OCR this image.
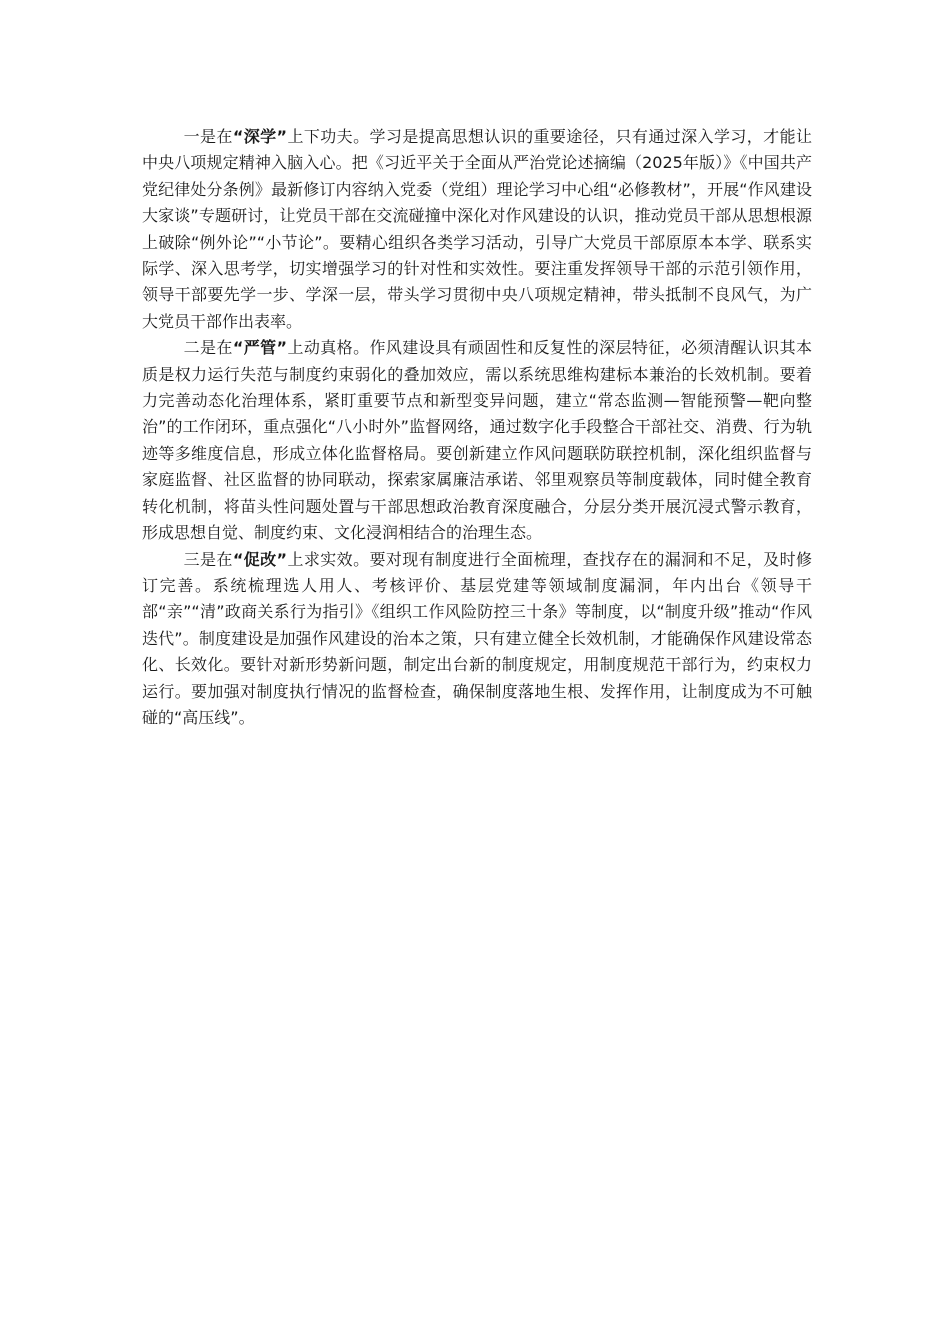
一是在“深学”上下功夫。学习是提高思想认识的重要途径，只有通过深入学习，才能让中央八项规定精神入脑入心。把《习近平关于全面从严治党论述摘编（2025年版）》《中国共产党纪律处分条例》最新修订内容纳入党委（党组）理论学习中心组“必修教材”，开展“作风建设大家谈”专题研讨，让党员干部在交流碰撞中深化对作风建设的认识，推动党员干部从思想根源上破除“例外论”“小节论”。要精心组织各类学习活动，引导广大党员干部原原本本学、联系实际学、深入思考学，切实增强学习的针对性和实效性。要注重发挥领导干部的示范引领作用，领导干部要先学一步、学深一层，带头学习贯彻中央八项规定精神，带头抵制不良风气，为广大党员干部作出表率。

二是在“严管”上动真格。作风建设具有顽固性和反复性的深层特征，必须清醒认识其本质是权力运行失范与制度约束弱化的叠加效应，需以系统思维构建标本兼治的长效机制。要着力完善动态化治理体系，紧盯重要节点和新型变异问题，建立“常态监测—智能预警—靶向整治”的工作闭环，重点强化“八小时外”监督网络，通过数字化手段整合干部社交、消费、行为轨迹等多维度信息，形成立体化监督格局。要创新建立作风问题联防联控机制，深化组织监督与家庭监督、社区监督的协同联动，探索家属廉洁承诺、邻里观察员等制度载体，同时健全教育转化机制，将苗头性问题处置与干部思想政治教育深度融合，分层分类开展沉浸式警示教育，形成思想自觉、制度约束、文化浸润相结合的治理生态。

三是在“促改”上求实效。要对现有制度进行全面梳理，查找存在的漏洞和不足，及时修订完善。系统梳理选人用人、考核评价、基层党建等领域制度漏洞，年内出台《领导干部“亲”“清”政商关系行为指引》《组织工作风险防控三十条》等制度，以“制度升级”推动“作风迭代”。制度建设是加强作风建设的治本之策，只有建立健全长效机制，才能确保作风建设常态化、长效化。要针对新形势新问题，制定出台新的制度规定，用制度规范干部行为，约束权力运行。要加强对制度执行情况的监督检查，确保制度落地生根、发挥作用，让制度成为不可触碰的“高压线”。
